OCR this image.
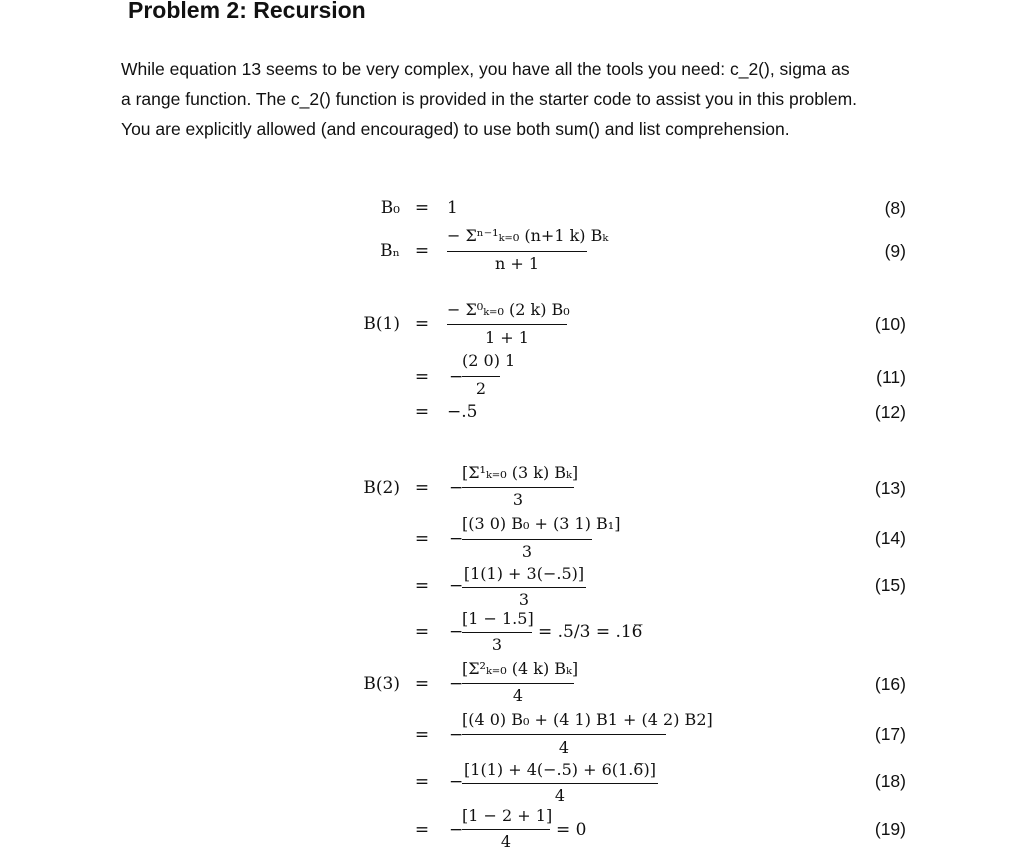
Problem 2: Recursion
While equation 13 seems to be very complex, you have all the tools you need: c_2(), sigma as
a range function. The c_2() function is provided in the starter code to assist you in this problem.
You are explicitly allowed (and encouraged) to use both sum() and list comprehension.
B₀ = 1
Bₙ =
− Σⁿ⁻¹ₖ₌₀ (n+1 k) Bₖ
n + 1
B(1) =
− Σ⁰ₖ₌₀ (2 k) B₀
1 + 1
= −
(2 0) 1
2
= −.5
B(2) = −
[Σ¹ₖ₌₀ (3 k) Bₖ]
3
= −
[(3 0) B₀ + (3 1) B₁]
3
= −
[1(1) + 3(−.5)]
3
= −
[1 − 1.5]
3
= .5/3 = .16̅
B(3) = −
[Σ²ₖ₌₀ (4 k) Bₖ]
4
= −
[(4 0) B₀ + (4 1) B1 + (4 2) B2]
4
= −
[1(1) + 4(−.5) + 6(1.6̅)]
4
= −
[1 − 2 + 1]
4
= 0
(8)
(9)
(10)
(11)
(12)
(13)
(14)
(15)
(16)
(17)
(18)
(19)
